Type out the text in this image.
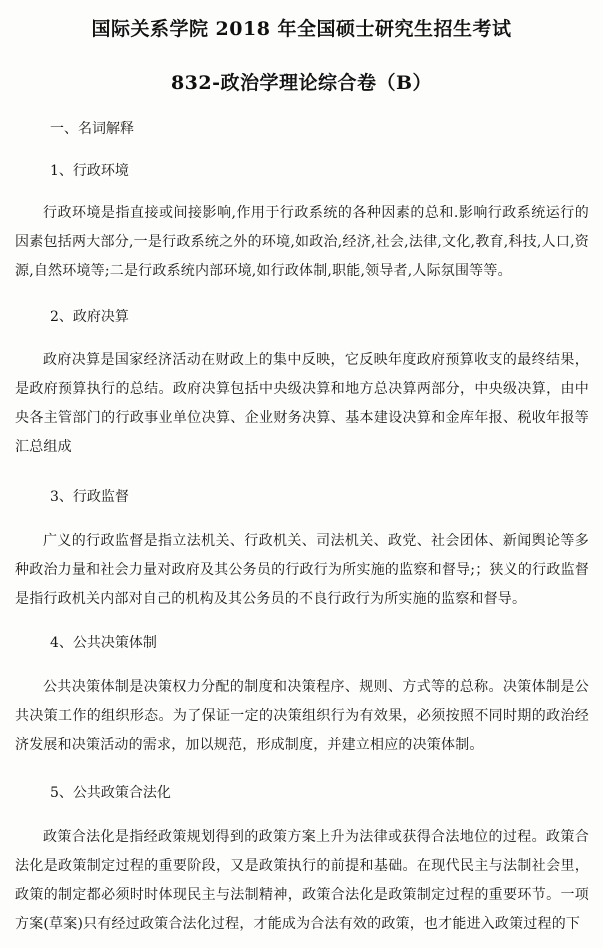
国际关系学院 2018 年全国硕士研究生招生考试
832-政治学理论综合卷（B）
一、名词解释
1、行政环境
行政环境是指直接或间接影响,作用于行政系统的各种因素的总和.影响行政系统运行的因素包括两大部分,一是行政系统之外的环境,如政治,经济,社会,法律,文化,教育,科技,人口,资源,自然环境等;二是行政系统内部环境,如行政体制,职能,领导者,人际氛围等等。
2、政府决算
政府决算是国家经济活动在财政上的集中反映，它反映年度政府预算收支的最终结果，是政府预算执行的总结。政府决算包括中央级决算和地方总决算两部分，中央级决算，由中央各主管部门的行政事业单位决算、企业财务决算、基本建设决算和金库年报、税收年报等汇总组成
3、行政监督
广义的行政监督是指立法机关、行政机关、司法机关、政党、社会团体、新闻舆论等多种政治力量和社会力量对政府及其公务员的行政行为所实施的监察和督导;；狭义的行政监督是指行政机关内部对自己的机构及其公务员的不良行政行为所实施的监察和督导。
4、公共决策体制
公共决策体制是决策权力分配的制度和决策程序、规则、方式等的总称。决策体制是公共决策工作的组织形态。为了保证一定的决策组织行为有效果，必须按照不同时期的政治经济发展和决策活动的需求，加以规范，形成制度，并建立相应的决策体制。
5、公共政策合法化
政策合法化是指经政策规划得到的政策方案上升为法律或获得合法地位的过程。政策合法化是政策制定过程的重要阶段，又是政策执行的前提和基础。在现代民主与法制社会里，政策的制定都必须时时体现民主与法制精神，政策合法化是政策制定过程的重要环节。一项方案(草案)只有经过政策合法化过程，才能成为合法有效的政策，也才能进入政策过程的下
